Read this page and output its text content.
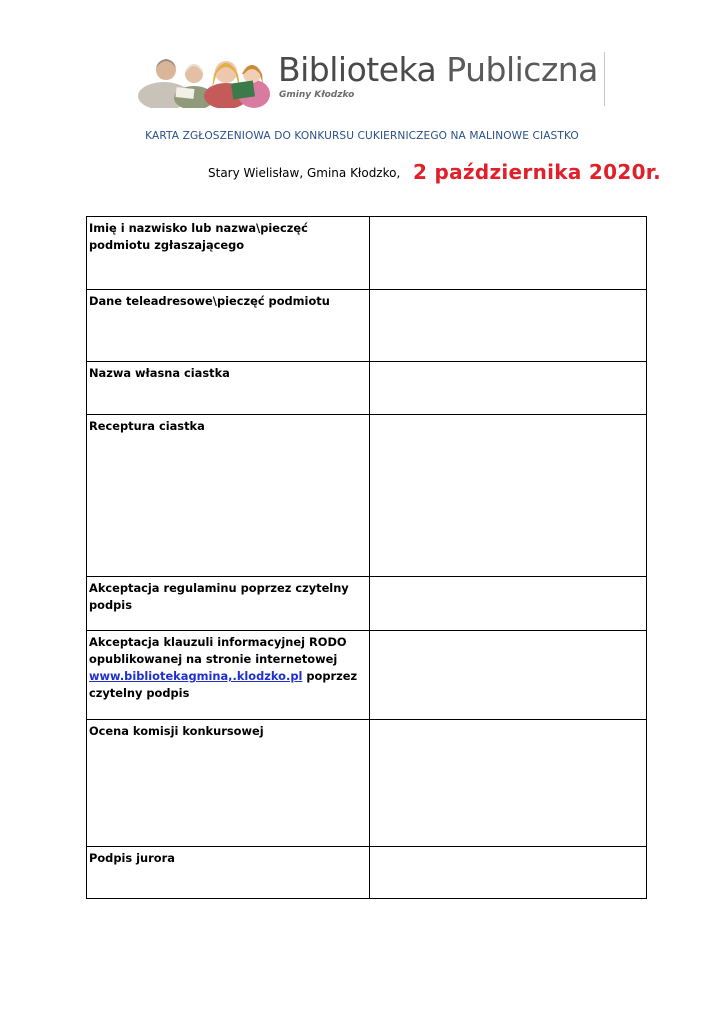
Biblioteka Publiczna
Gminy Kłodzko
KARTA ZGŁOSZENIOWA DO KONKURSU CUKIERNICZEGO NA MALINOWE CIASTKO
Stary Wielisław, Gmina Kłodzko, 2 października 2020r.
Imię i nazwisko lub nazwa\pieczęć podmiotu zgłaszającego	
Dane teleadresowe\pieczęć podmiotu	
Nazwa własna ciastka	
Receptura ciastka	
Akceptacja regulaminu poprzez czytelny podpis	
Akceptacja klauzuli informacyjnej RODO opublikowanej na stronie internetowej www.bibliotekagmina,.klodzko.pl poprzez czytelny podpis	
Ocena komisji konkursowej	
Podpis jurora	
